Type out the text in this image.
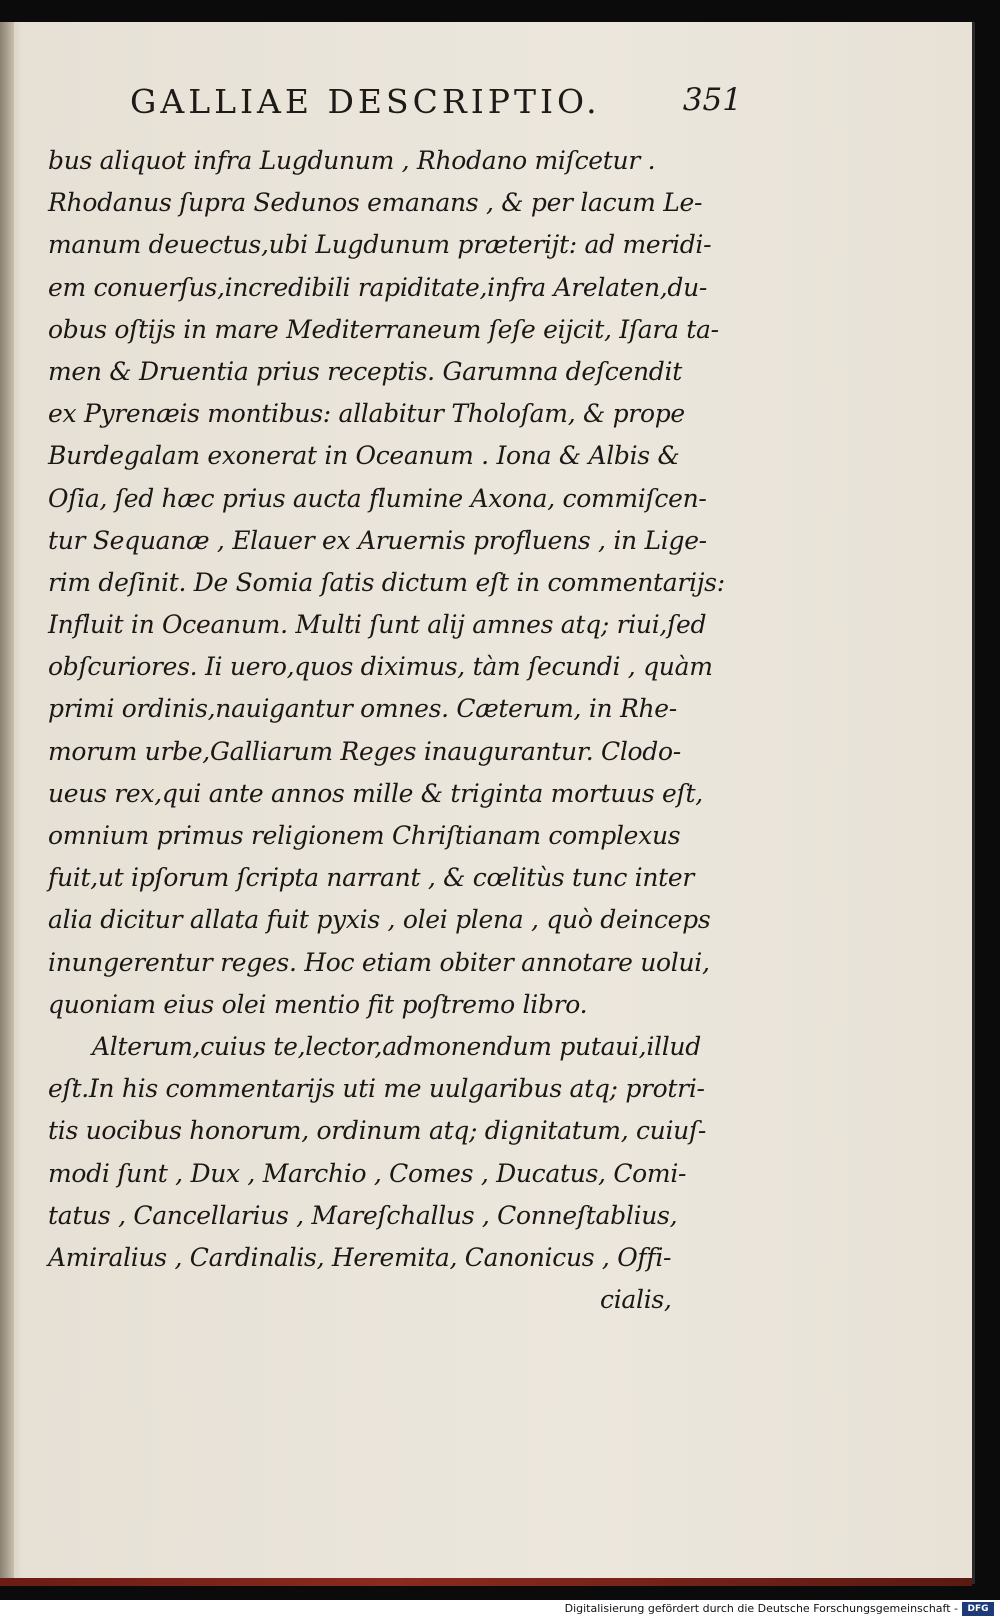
GALLIAE DESCRIPTIO.	351
bus aliquot infra Lugdunum , Rhodano miſcetur .
Rhodanus ſupra Sedunos emanans , & per lacum Le-
manum deuectus,ubi Lugdunum præterijt: ad meridi-
em conuerſus,incredibili rapiditate,infra Arelaten,du-
obus oſtijs in mare Mediterraneum ſeſe eijcit, Iſara ta-
men & Druentia prius receptis. Garumna deſcendit
ex Pyrenæis montibus: allabitur Tholoſam, & prope
Burdegalam exonerat in Oceanum . Iona & Albis &
Oſia, ſed hæc prius aucta flumine Axona, commiſcen-
tur Sequanæ , Elauer ex Aruernis profluens , in Lige-
rim deſinit. De Somia ſatis dictum eſt in commentarijs:
Influit in Oceanum. Multi ſunt alij amnes atq; riui,ſed
obſcuriores. Ii uero,quos diximus, tàm ſecundi , quàm
primi ordinis,nauigantur omnes. Cæterum, in Rhe-
morum urbe,Galliarum Reges inaugurantur. Clodo-
ueus rex,qui ante annos mille & triginta mortuus eſt,
omnium primus religionem Chriſtianam complexus
fuit,ut ipſorum ſcripta narrant , & cœlitùs tunc inter
alia dicitur allata fuit pyxis , olei plena , quò deinceps
inungerentur reges. Hoc etiam obiter annotare uolui,
quoniam eius olei mentio fit poſtremo libro.
Alterum,cuius te,lector,admonendum putaui,illud
eſt.In his commentarijs uti me uulgaribus atq; protri-
tis uocibus honorum, ordinum atq; dignitatum, cuiuſ-
modi ſunt , Dux , Marchio , Comes , Ducatus, Comi-
tatus , Cancellarius , Mareſchallus , Conneſtablius,
Amiralius , Cardinalis, Heremita, Canonicus , Offi-
cialis,
Digitalisierung gefördert durch die Deutsche Forschungsgemeinschaft -	DFG
